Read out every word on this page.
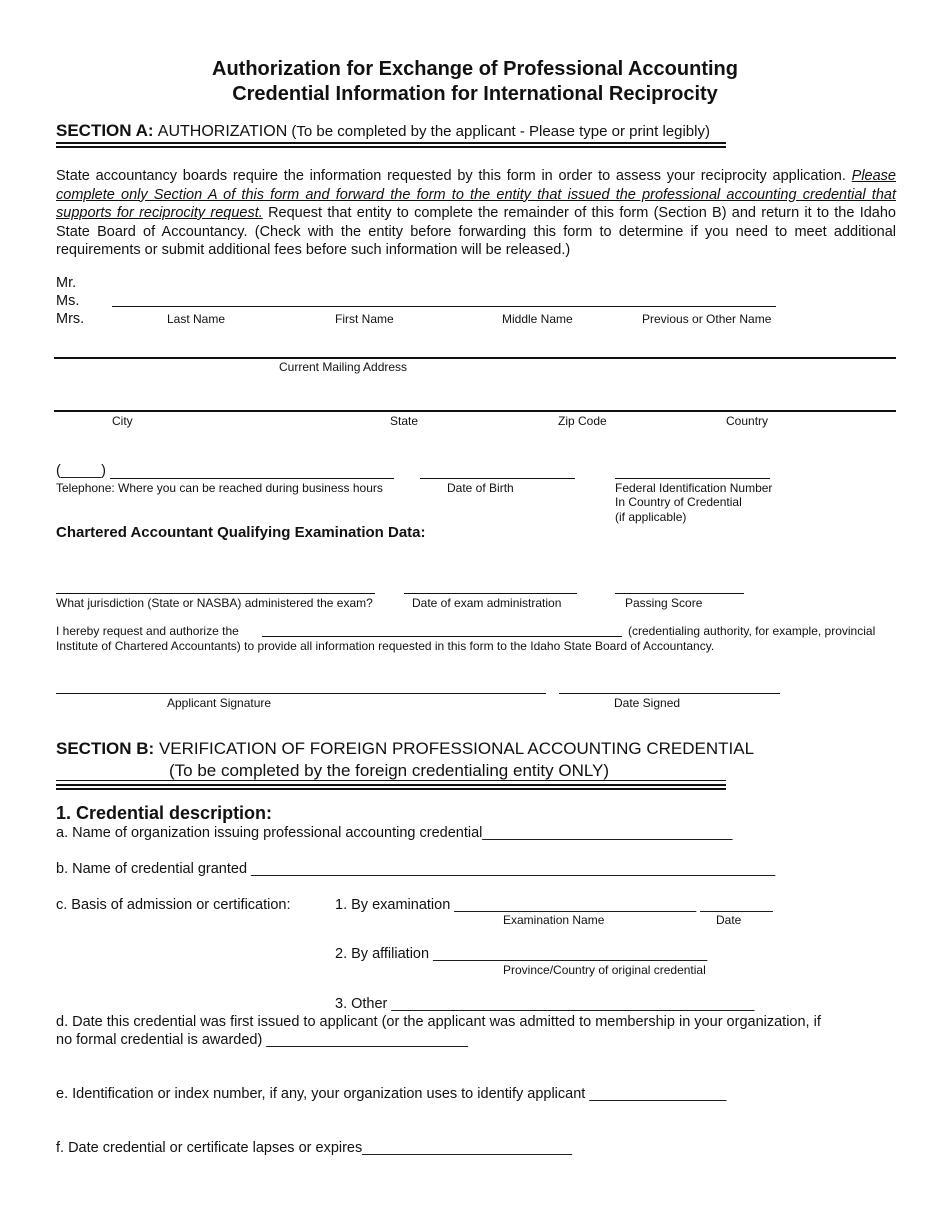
Authorization for Exchange of Professional Accounting
Credential Information for International Reciprocity
SECTION A: AUTHORIZATION (To be completed by the applicant - Please type or print legibly)
State accountancy boards require the information requested by this form in order to assess your reciprocity application. Please complete only Section A of this form and forward the form to the entity that issued the professional accounting credential that supports for reciprocity request. Request that entity to complete the remainder of this form (Section B) and return it to the Idaho State Board of Accountancy. (Check with the entity before forwarding this form to determine if you need to meet additional requirements or submit additional fees before such information will be released.)
Mr.
Ms.
Mrs.	Last Name	First Name	Middle Name	Previous or Other Name
Current Mailing Address
City	State	Zip Code	Country
(_____)
Telephone: Where you can be reached during business hours	Date of Birth	Federal Identification Number
In Country of Credential
(if applicable)
Chartered Accountant Qualifying Examination Data:
What jurisdiction (State or NASBA) administered the exam?	Date of exam administration	Passing Score
I hereby request and authorize the	(credentialing authority, for example, provincial
Institute of Chartered Accountants) to provide all information requested in this form to the Idaho State Board of Accountancy.
Applicant Signature	Date Signed
SECTION B: VERIFICATION OF FOREIGN PROFESSIONAL ACCOUNTING CREDENTIAL
(To be completed by the foreign credentialing entity ONLY)
1. Credential description:
a. Name of organization issuing professional accounting credential_______________________________
b. Name of credential granted _________________________________________________________________
c. Basis of admission or certification:	1. By examination ______________________________ _________
Examination Name	Date
2. By affiliation __________________________________
Province/Country of original credential
3. Other _____________________________________________
d. Date this credential was first issued to applicant (or the applicant was admitted to membership in your organization, if
no formal credential is awarded) _________________________
e. Identification or index number, if any, your organization uses to identify applicant _________________
f. Date credential or certificate lapses or expires__________________________
